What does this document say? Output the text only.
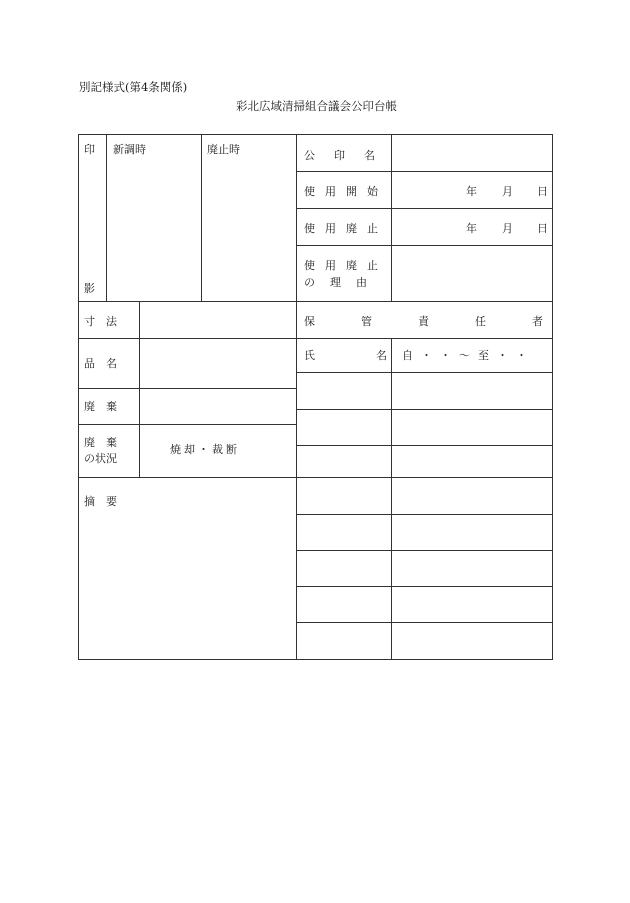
別記様式(第4条関係)
彩北広域清掃組合議会公印台帳
印
影
新調時	廃止時
寸　法
品　名
廃　棄
廃　棄
の状況
焼却・裁断
摘　要
公印名
使用開始
使用廃止
年 月 日
年 月 日
使用廃止
の理由
保管責任者
氏　名
自・・〜至・・
